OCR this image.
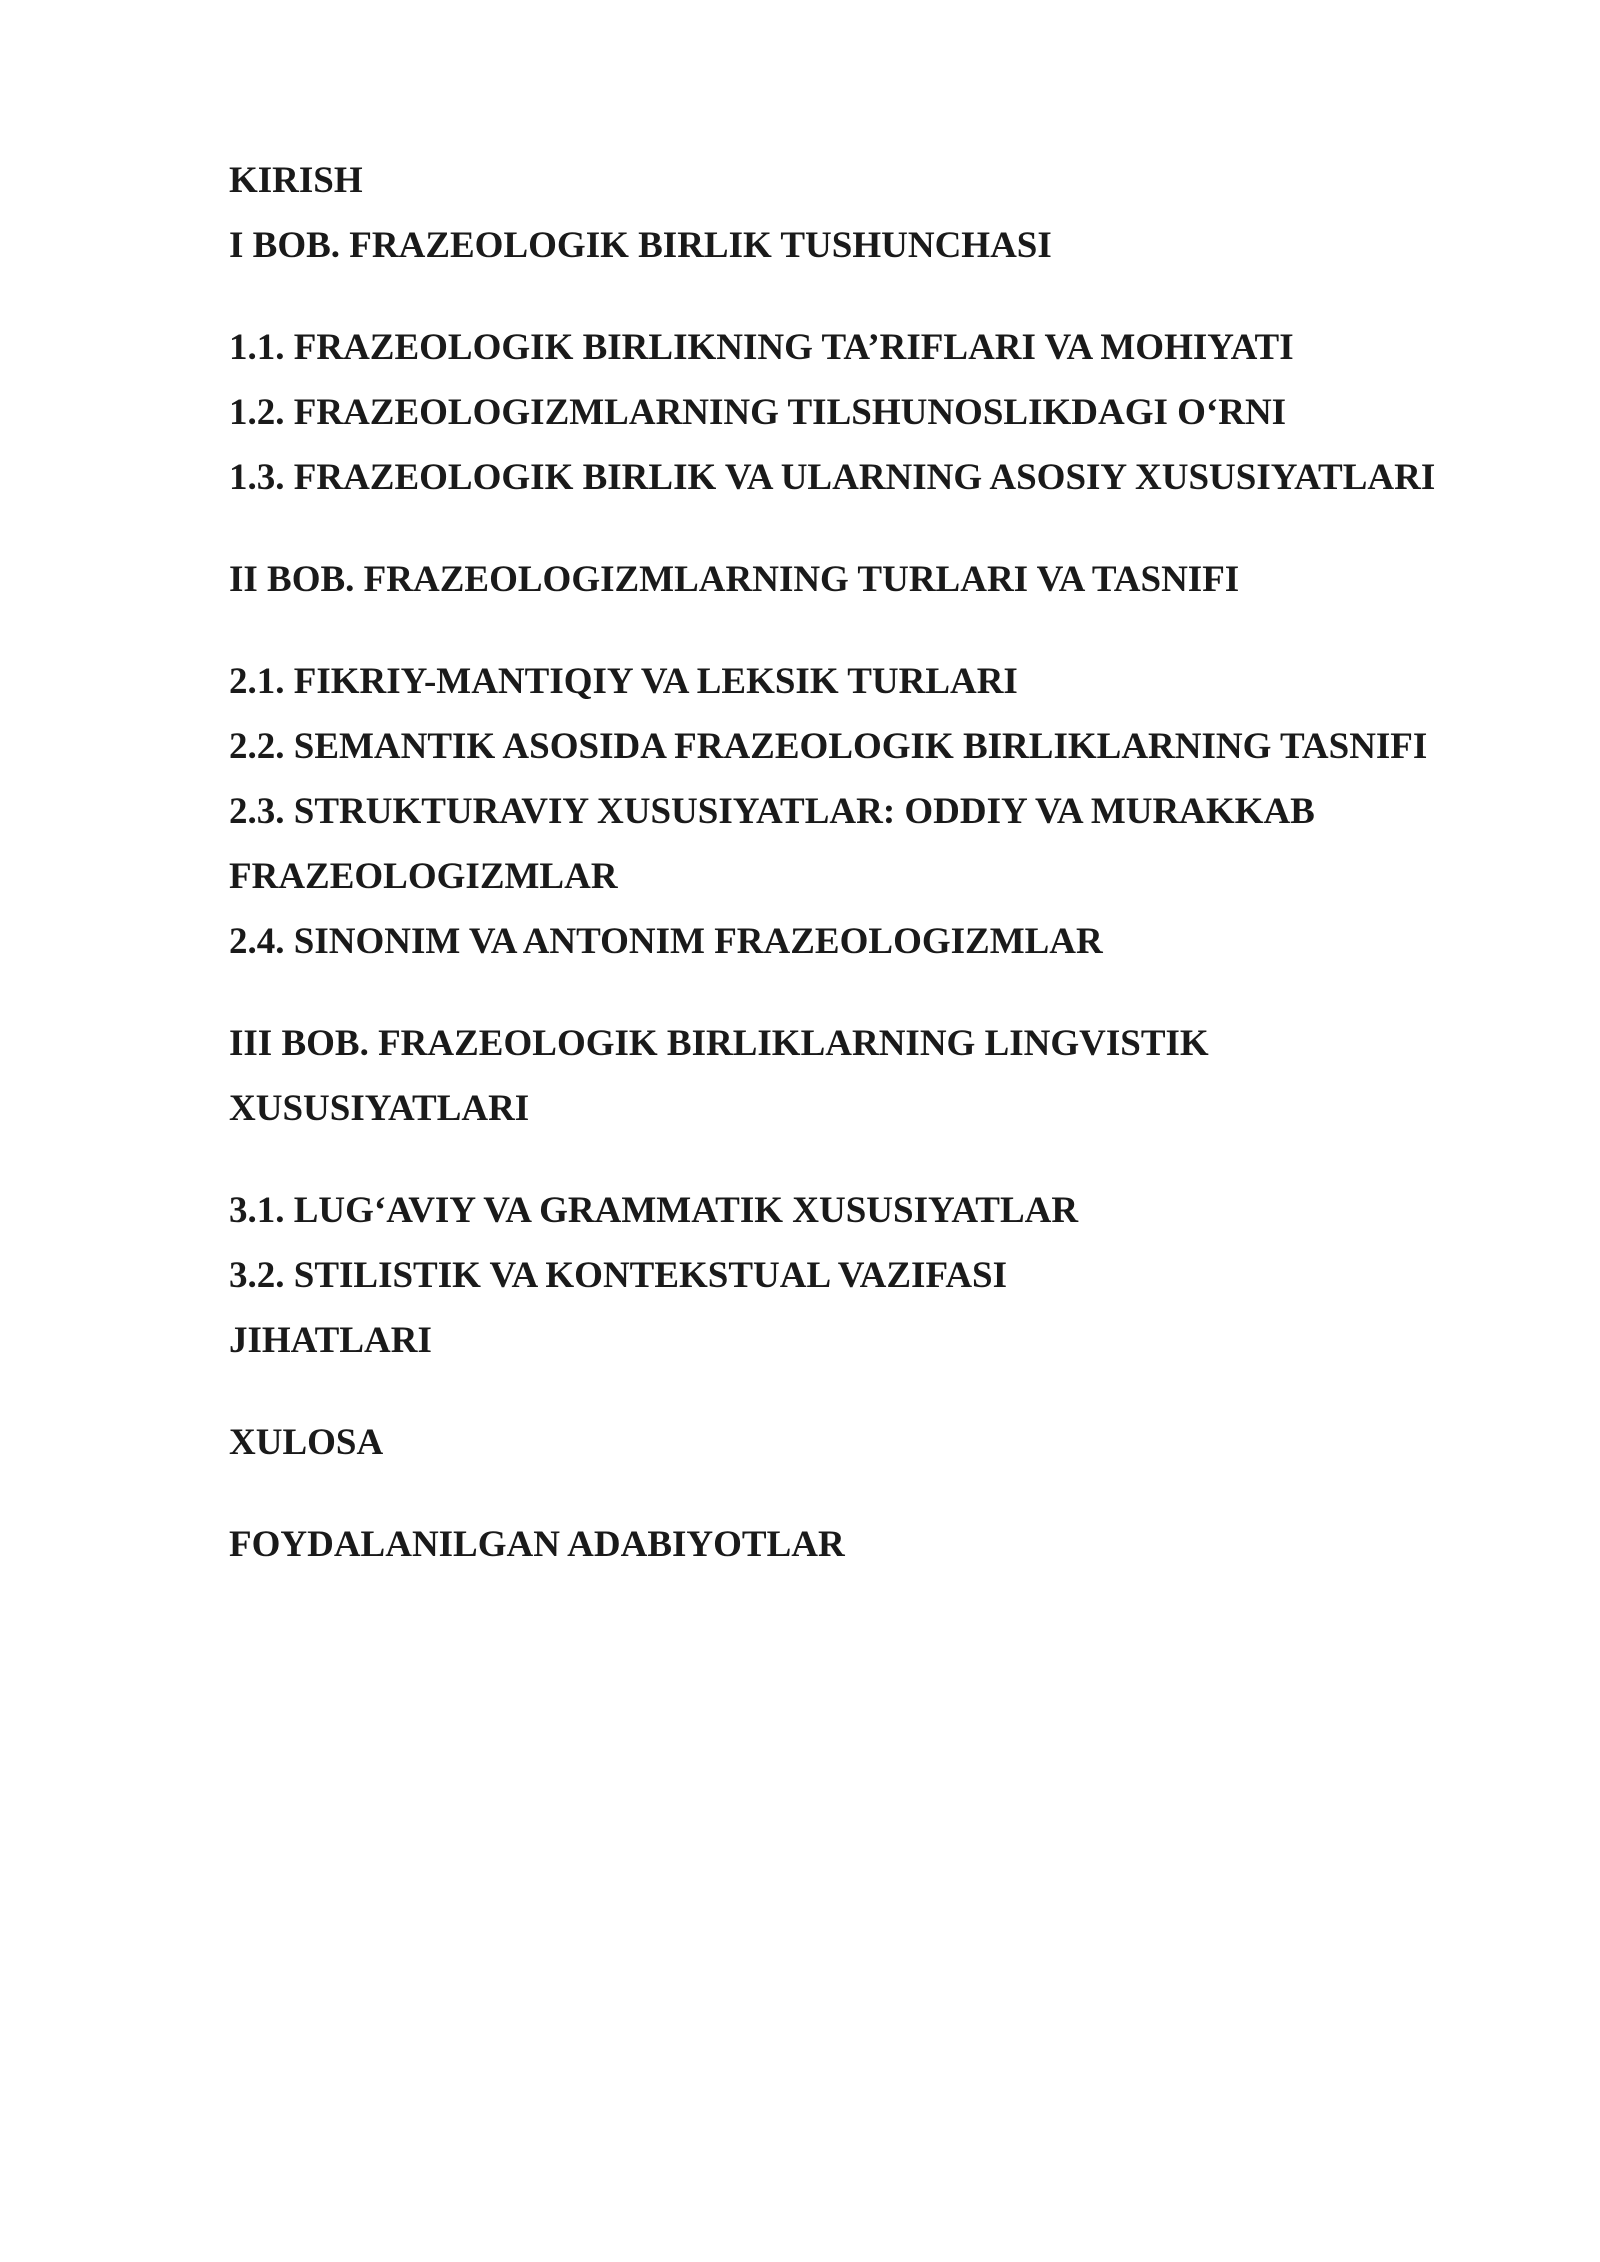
KIRISH

I BOB. FRAZEOLOGIK BIRLIK TUSHUNCHASI

1.1. FRAZEOLOGIK BIRLIKNING TA’RIFLARI VA MOHIYATI

1.2. FRAZEOLOGIZMLARNING TILSHUNOSLIKDAGI O‘RNI

1.3. FRAZEOLOGIK BIRLIK VA ULARNING ASOSIY XUSUSIYATLARI

II BOB. FRAZEOLOGIZMLARNING TURLARI VA TASNIFI

2.1. FIKRIY-MANTIQIY VA LEKSIK TURLARI

2.2. SEMANTIK ASOSIDA FRAZEOLOGIK BIRLIKLARNING TASNIFI

2.3. STRUKTURAVIY XUSUSIYATLAR: ODDIY VA MURAKKAB

FRAZEOLOGIZMLAR

2.4. SINONIM VA ANTONIM FRAZEOLOGIZMLAR

III BOB. FRAZEOLOGIK BIRLIKLARNING LINGVISTIK

XUSUSIYATLARI

3.1. LUG‘AVIY VA GRAMMATIK XUSUSIYATLAR

3.2. STILISTIK VA KONTEKSTUAL VAZIFASI

JIHATLARI

XULOSA

FOYDALANILGAN ADABIYOTLAR
